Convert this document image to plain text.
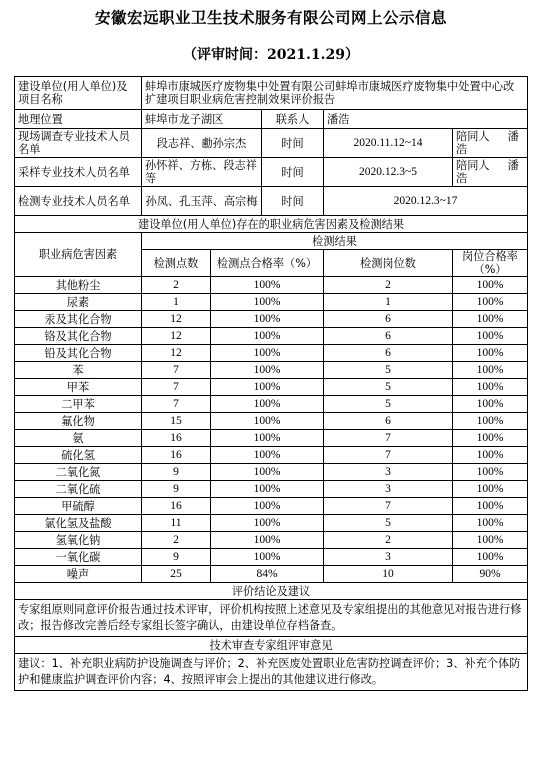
安徽宏远职业卫生技术服务有限公司网上公示信息
（评审时间：2021.1.29）
建设单位(用人单位)及项目名称	蚌埠市康城医疗废物集中处置有限公司蚌埠市康城医疗废物集中处置中心改扩建项目职业病危害控制效果评价报告				
地理位置	蚌埠市龙子湖区		联系人	潘浩	
现场调查专业技术人员名单	段志祥、勴孙宗杰		时间	2020.11.12~14	陪同人 潘浩
采样专业技术人员名单	孙怀祥、方栋、段志祥等		时间	2020.12.3~5	陪同人 潘浩
检测专业技术人员名单	孙凤、孔玉萍、高宗梅		时间	2020.12.3~17	
建设单位(用人单位)存在的职业病危害因素及检测结果					
职业病危害因素	检测结果				
	检测点数	检测点合格率（%）		检测岗位数	岗位合格率（%）
其他粉尘	2	100%		2	100%
尿素	1	100%		1	100%
汞及其化合物	12	100%		6	100%
铬及其化合物	12	100%		6	100%
铅及其化合物	12	100%		6	100%
苯	7	100%		5	100%
甲苯	7	100%		5	100%
二甲苯	7	100%		5	100%
氟化物	15	100%		6	100%
氨	16	100%		7	100%
硫化氢	16	100%		7	100%
二氧化氮	9	100%		3	100%
二氧化硫	9	100%		3	100%
甲硫醇	16	100%		7	100%
氯化氢及盐酸	11	100%		5	100%
氢氧化钠	2	100%		2	100%
一氧化碳	9	100%		3	100%
噪声	25	84%		10	90%
评价结论及建议					
专家组原则同意评价报告通过技术评审，评价机构按照上述意见及专家组提出的其他意见对报告进行修改；报告修改完善后经专家组长签字确认，由建设单位存档备查。					
技术审查专家组评审意见					
建议：1、补充职业病防护设施调查与评价；2、补充医废处置职业危害防控调查评价；3、补充个体防护和健康监护调查评价内容；4、按照评审会上提出的其他建议进行修改。					
